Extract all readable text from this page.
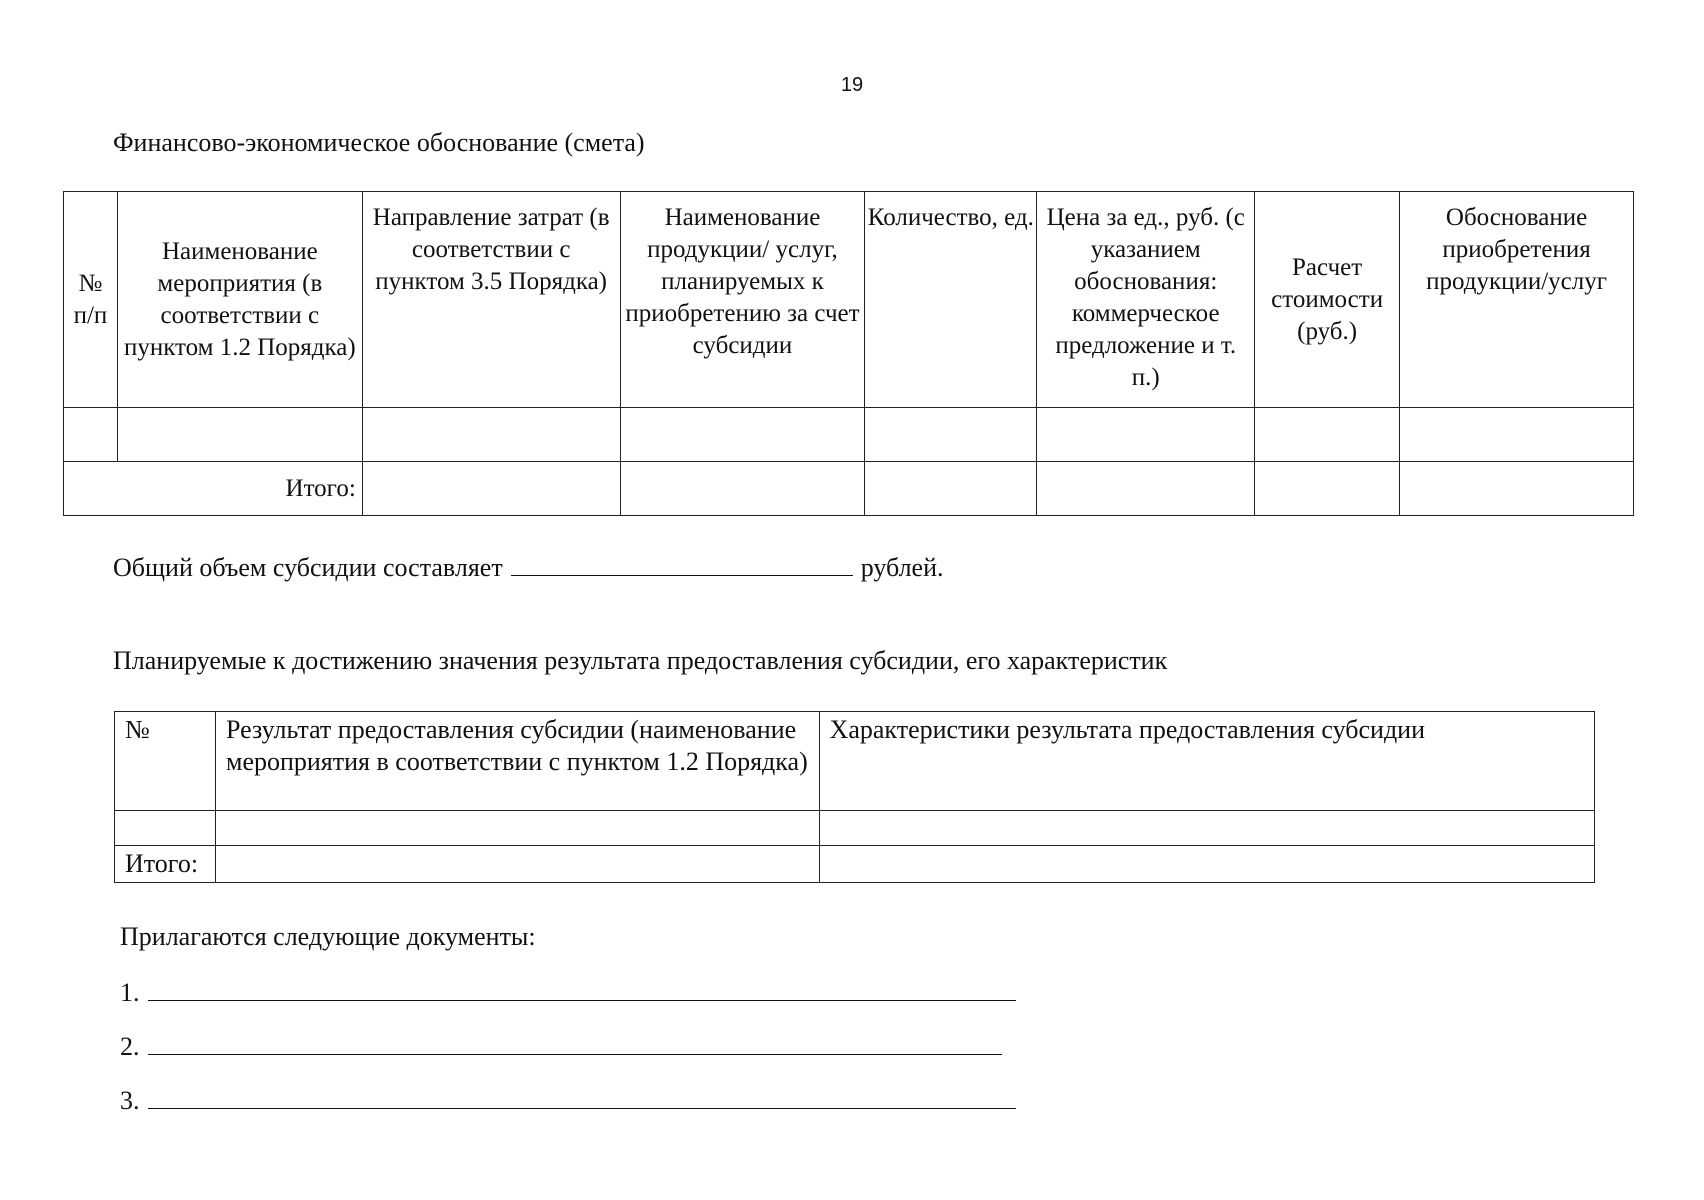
19
Финансово-экономическое обоснование (смета)
№
п/п	Наименование мероприятия (в соответствии с пунктом 1.2 Порядка)	Направление затрат (в соответствии с пунктом 3.5 Порядка)	Наименование продукции/ услуг, планируемых к приобретению за счет субсидии	Количество, ед.	Цена за ед., руб. (с указанием обоснования: коммерческое предложение и т. п.)	Расчет стоимости (руб.)	Обоснование приобретения продукции/услуг

Итого:							
Общий объем субсидии составляет	рублей.
Планируемые к достижению значения результата предоставления субсидии, его характеристик
№	Результат предоставления субсидии (наименование мероприятия в соответствии с пунктом 1.2 Порядка)	Характеристики результата предоставления субсидии

Итого:		
Прилагаются следующие документы:
1.
2.
3.
